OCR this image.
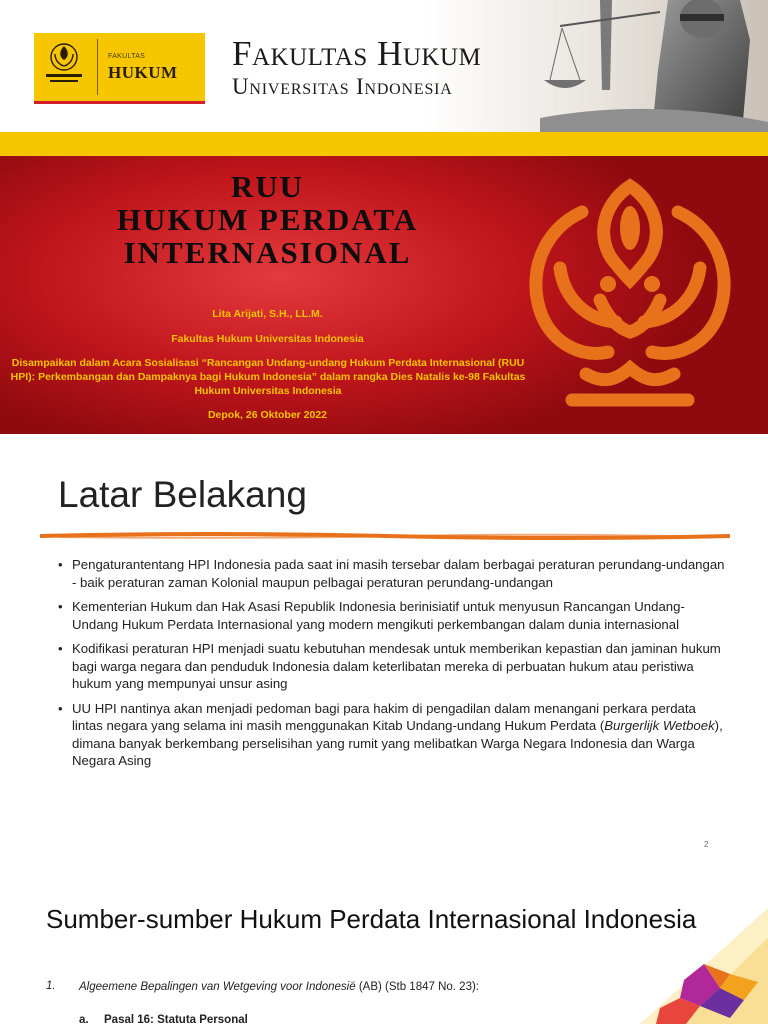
FAKULTAS
HUKUM Fakultas Hukum
Universitas Indonesia
RUU
HUKUM PERDATA
INTERNASIONAL
Lita Arijati, S.H., LL.M.
Fakultas Hukum Universitas Indonesia
Disampaikan dalam Acara Sosialisasi “Rancangan Undang-undang Hukum Perdata Internasional (RUU HPI): Perkembangan dan Dampaknya bagi Hukum Indonesia” dalam rangka Dies Natalis ke-98 Fakultas Hukum Universitas Indonesia
Depok, 26 Oktober 2022
Latar Belakang
• Pengaturantentang HPI Indonesia pada saat ini masih tersebar dalam berbagai peraturan perundang-undangan - baik peraturan zaman Kolonial maupun pelbagai peraturan perundang-undangan
• Kementerian Hukum dan Hak Asasi Republik Indonesia berinisiatif untuk menyusun Rancangan Undang-Undang Hukum Perdata Internasional yang modern mengikuti perkembangan dalam dunia internasional
• Kodifikasi peraturan HPI menjadi suatu kebutuhan mendesak untuk memberikan kepastian dan jaminan hukum bagi warga negara dan penduduk Indonesia dalam keterlibatan mereka di perbuatan hukum atau peristiwa hukum yang mempunyai unsur asing
• UU HPI nantinya akan menjadi pedoman bagi para hakim di pengadilan dalam menangani perkara perdata lintas negara yang selama ini masih menggunakan Kitab Undang-undang Hukum Perdata (Burgerlijk Wetboek), dimana banyak berkembang perselisihan yang rumit yang melibatkan Warga Negara Indonesia dan Warga Negara Asing
2
Sumber-sumber Hukum Perdata Internasional Indonesia
1. Algeemene Bepalingen van Wetgeving voor Indonesië (AB) (Stb 1847 No. 23):
a. Pasal 16: Statuta Personal
